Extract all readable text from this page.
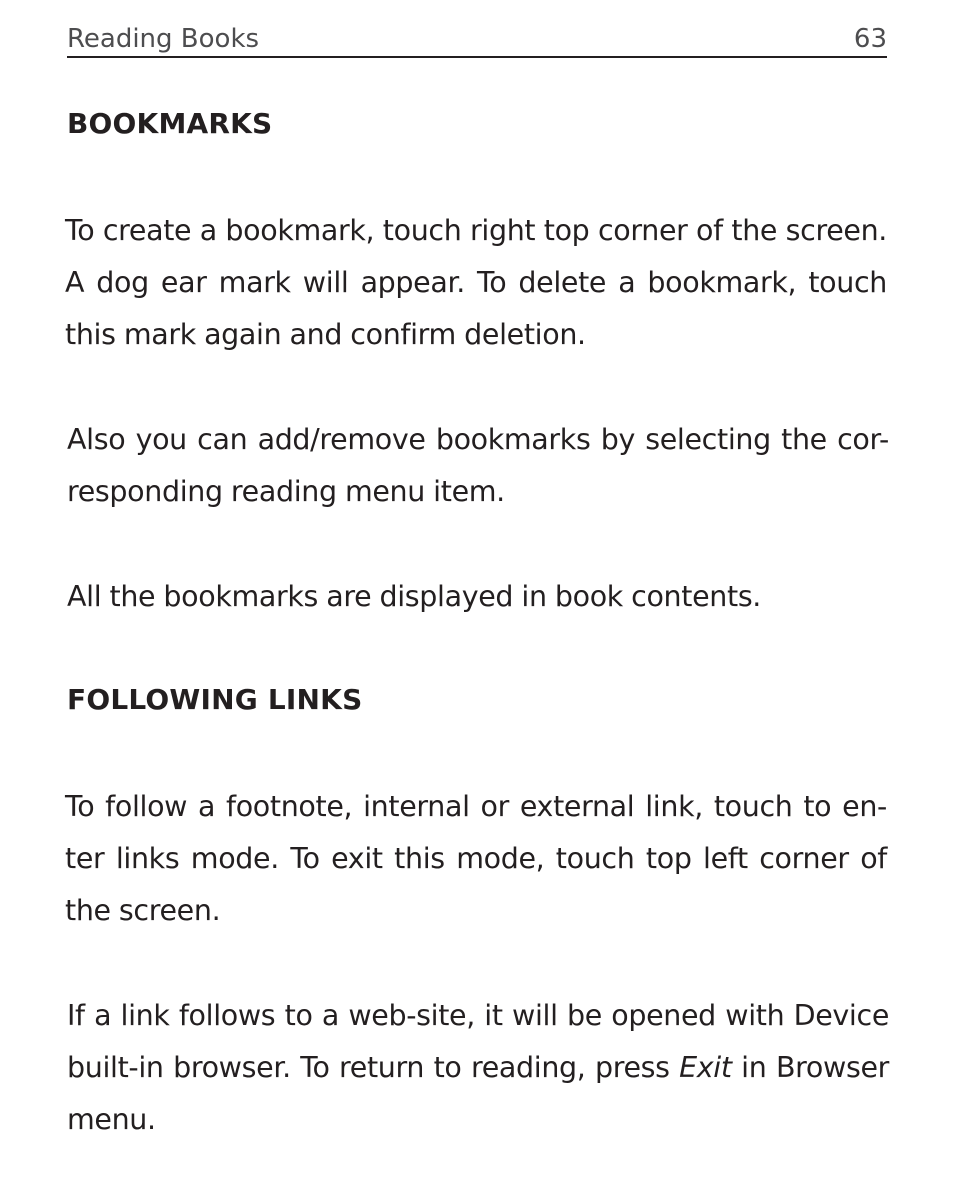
Reading Books	63
BOOKMARKS
To create a bookmark, touch right top corner of the screen.
A dog ear mark will appear. To delete a bookmark, touch
this mark again and confirm deletion.
Also you can add/remove bookmarks by selecting the cor-
responding reading menu item.
All the bookmarks are displayed in book contents.
FOLLOWING LINKS
To follow a footnote, internal or external link, touch to en-
ter links mode. To exit this mode, touch top left corner of
the screen.
If a link follows to a web-site, it will be opened with Device
built-in browser. To return to reading, press Exit in Browser
menu.
